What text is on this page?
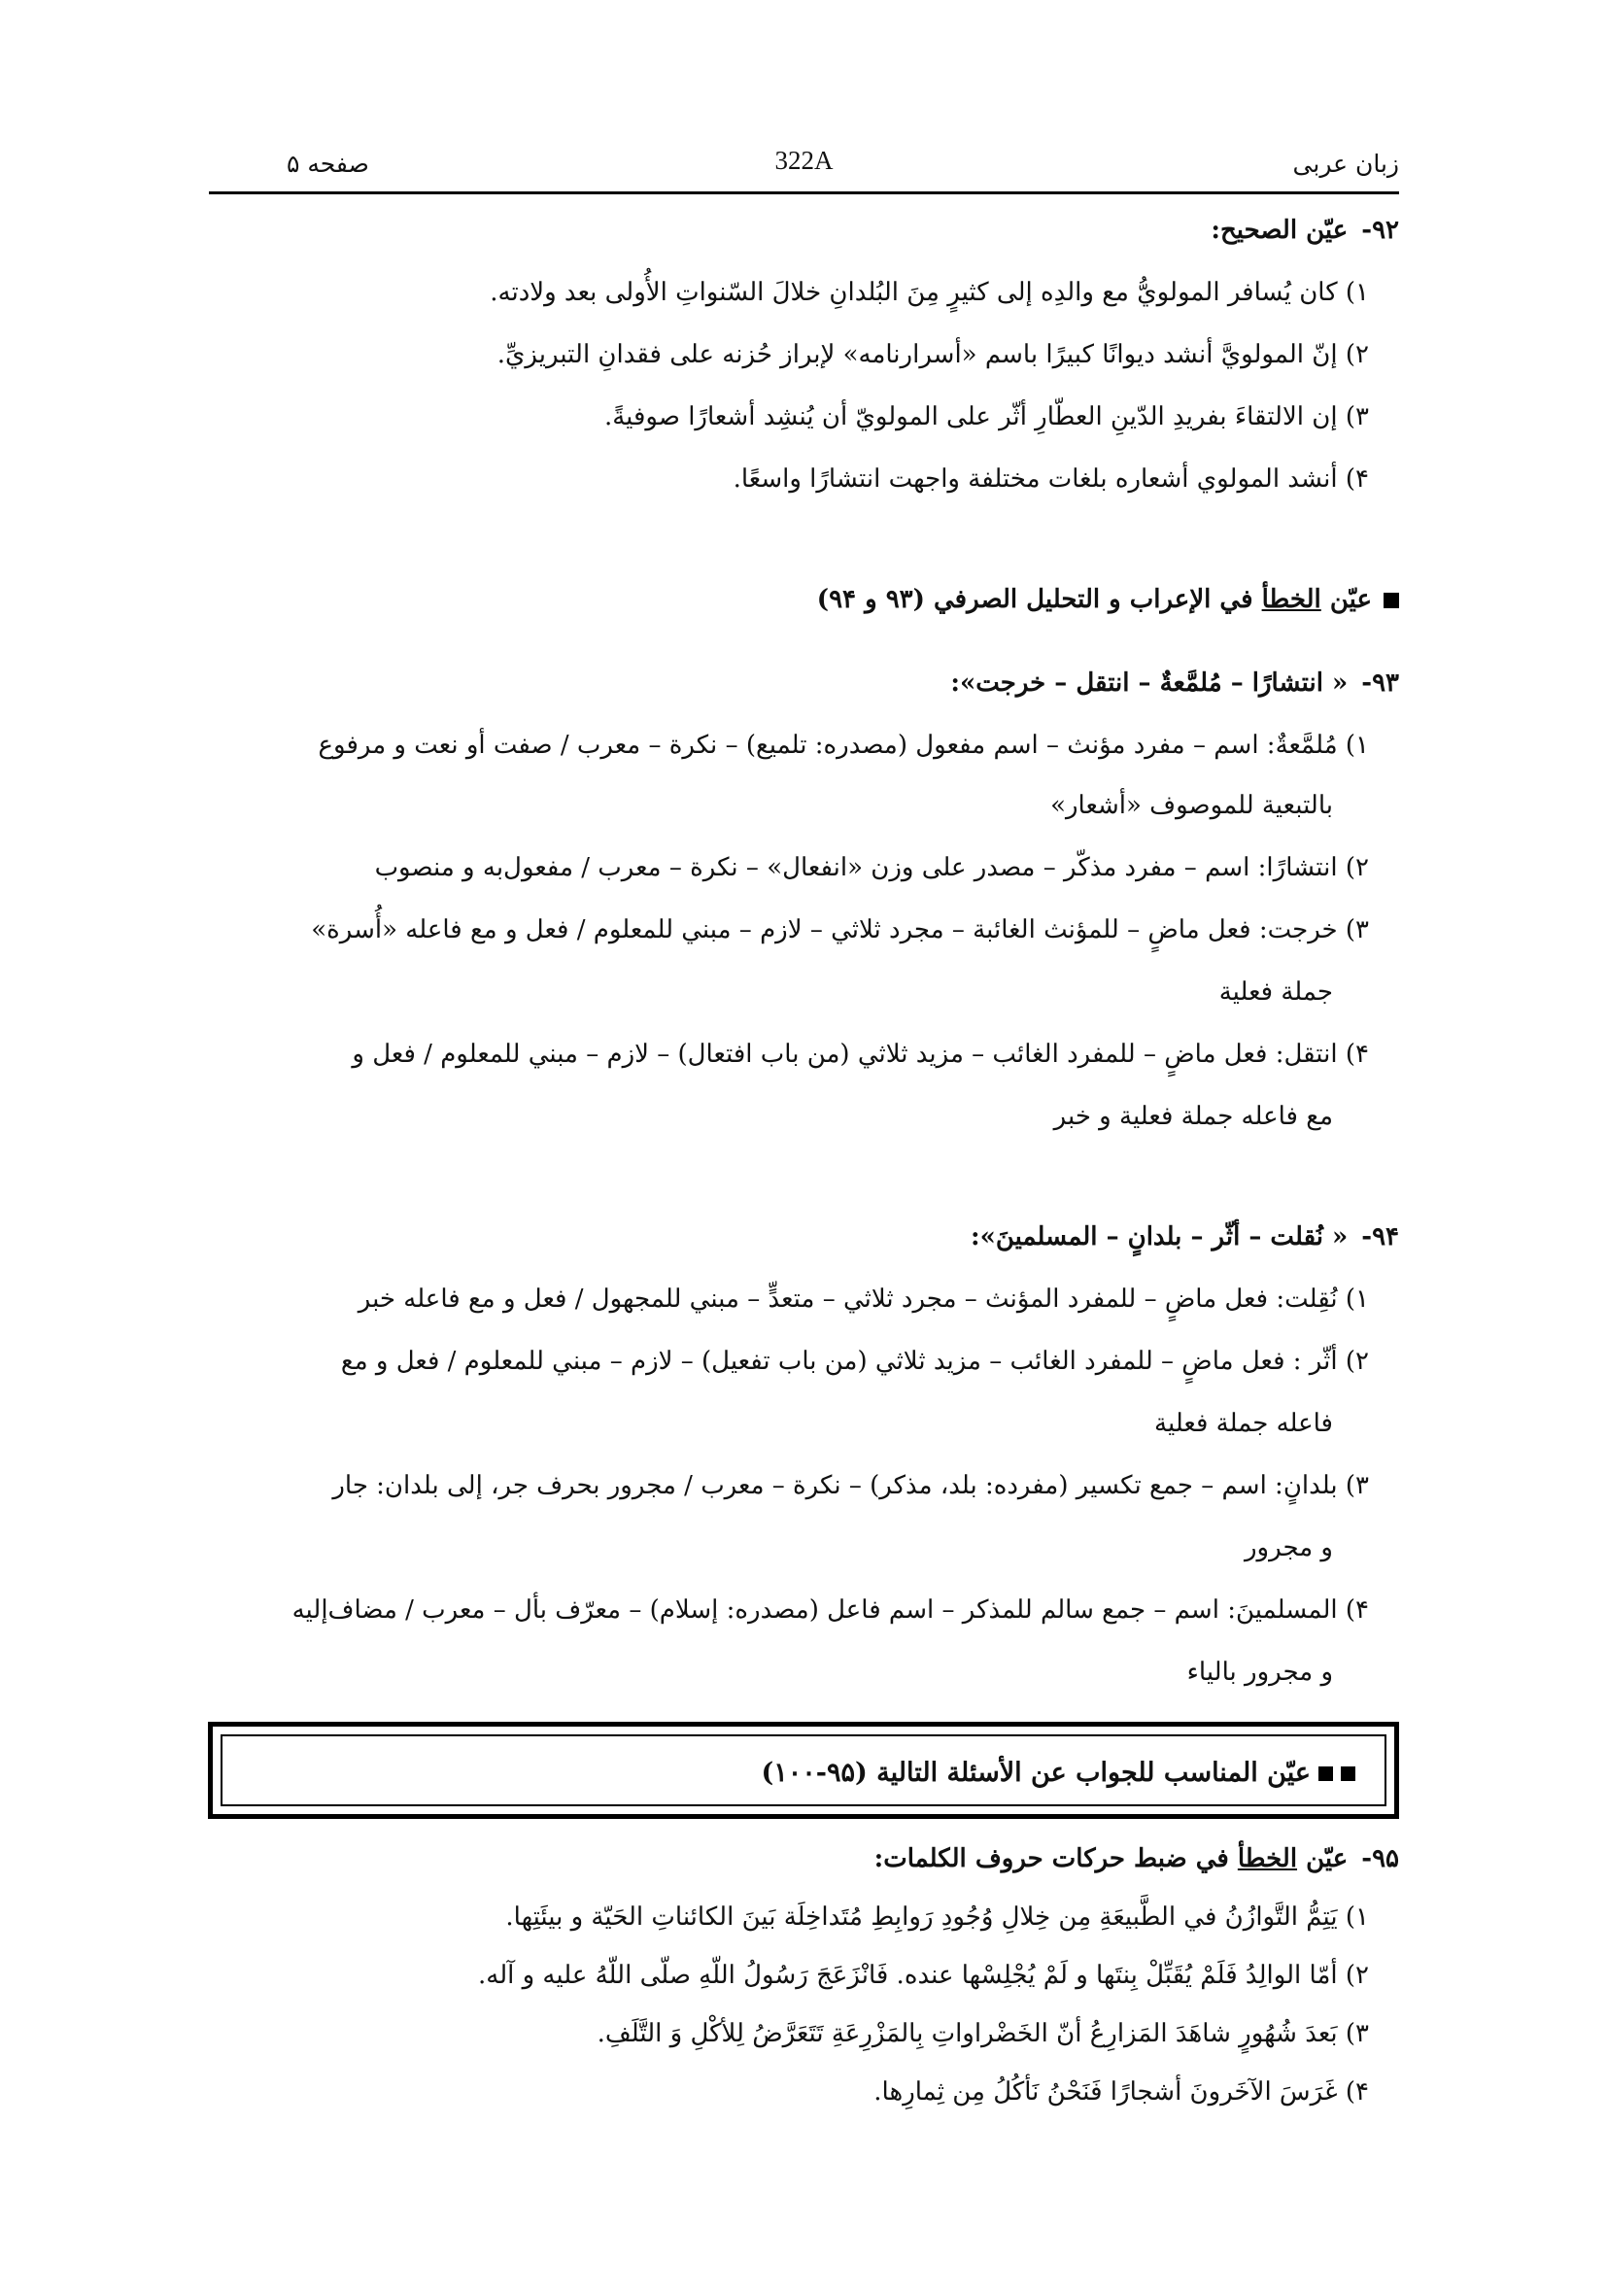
صفحه ۵	322A	زبان عربی
۹۲-عيّن الصحيح:
۱) كان يُسافر المولويُّ مع والدِه إلى كثيرٍ مِنَ البُلدانِ خلالَ السّنواتِ الأُولى بعد ولادته.
۲) إنّ المولويَّ أنشد ديوانًا كبيرًا باسم «أسرارنامه» لإبراز حُزنه على فقدانِ التبريزيِّ.
۳) إن الالتقاءَ بفريدِ الدّينِ العطّارِ أثّر على المولويّ أن يُنشِد أشعارًا صوفيةً.
۴) أنشد المولوي أشعاره بلغات مختلفة واجهت انتشارًا واسعًا.
عيّن الخطأ في الإعراب و التحليل الصرفي (۹۳ و ۹۴)
۹۳-« انتشارًا – مُلمَّعةٌ – انتقل – خرجت»:
۱) مُلمَّعةٌ: اسم – مفرد مؤنث – اسم مفعول (مصدره: تلميع) – نكرة – معرب / صفت أو نعت و مرفوع
بالتبعية للموصوف «أشعار»
۲) انتشارًا: اسم – مفرد مذكّر – مصدر على وزن «انفعال» – نكرة – معرب / مفعول‌به و منصوب
۳) خرجت: فعل ماضٍ – للمؤنث الغائبة – مجرد ثلاثي – لازم – مبني للمعلوم / فعل و مع فاعله «أُسرة»
جملة فعلية
۴) انتقل: فعل ماضٍ – للمفرد الغائب – مزيد ثلاثي (من باب افتعال) – لازم – مبني للمعلوم / فعل و
مع فاعله جملة فعلية و خبر
۹۴-« نُقلت – أثّر – بلدانٍ – المسلمينَ»:
۱) نُقِلت: فعل ماضٍ – للمفرد المؤنث – مجرد ثلاثي – متعدٍّ – مبني للمجهول / فعل و مع فاعله خبر
۲) أثّر : فعل ماضٍ – للمفرد الغائب – مزيد ثلاثي (من باب تفعيل) – لازم – مبني للمعلوم / فعل و مع
فاعله جملة فعلية
۳) بلدانٍ: اسم – جمع تكسير (مفرده: بلد، مذكر) – نكرة – معرب / مجرور بحرف جر، إلى بلدان: جار
و مجرور
۴) المسلمينَ: اسم – جمع سالم للمذكر – اسم فاعل (مصدره: إسلام) – معرّف بأل – معرب / مضاف‌إليه
و مجرور بالياء
عيّن المناسب للجواب عن الأسئلة التالية (۹۵-۱۰۰)
۹۵-عيّن الخطأ في ضبط حركات حروف الكلمات:
۱) يَتِمُّ التَّوازُنُ في الطَّبيعَةِ مِن خِلالِ وُجُودِ رَوابِطِ مُتَداخِلَة بَينَ الكائناتِ الحَيّة و بيئَتِها.
۲) أمّا الوالِدُ فَلَمْ يُقَبِّلْ بِنتَها و لَمْ يُجْلِسْها عنده. فَانْزَعَجَ رَسُولُ اللّهِ صلّى اللّهُ عليه و آله.
۳) بَعدَ شُهُورٍ شاهَدَ المَزارِعُ أنّ الخَضْراواتِ بِالمَزْرِعَةِ تَتَعَرَّضُ لِلأكْلِ وَ التَّلَفِ.
۴) غَرَسَ الآخَرونَ أشجارًا فَنَحْنُ نَأكُلُ مِن ثِمارِها.
